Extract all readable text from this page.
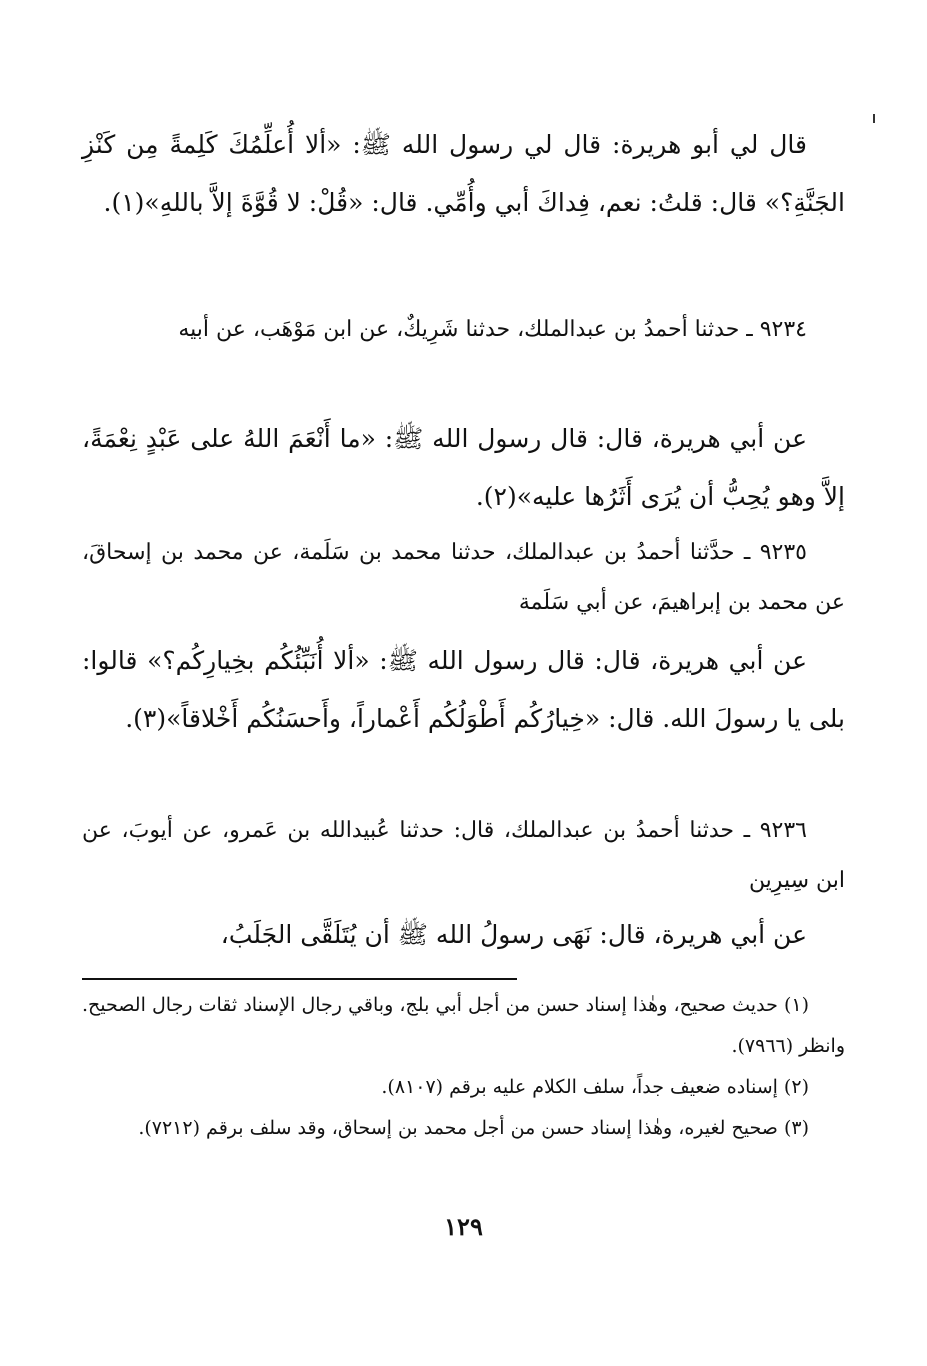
قال لي أبو هريرة: قال لي رسول الله ﷺ: «ألا أُعلِّمُكَ كَلِمةً مِن كَنْزِ الجَنَّةِ؟» قال: قلتُ: نعم، فِداكَ أبي وأُمِّي. قال: «قُلْ: لا قُوَّةَ إلاَّ باللهِ»(١).

٩٢٣٤ ـ حدثنا أحمدُ بن عبدالملك، حدثنا شَرِيكٌ، عن ابن مَوْهَب، عن أبيه

عن أبي هريرة، قال: قال رسول الله ﷺ: «ما أَنْعَمَ اللهُ على عَبْدٍ نِعْمَةً، إلاَّ وهو يُحِبُّ أن يُرَى أَثَرُها عليه»(٢).

٩٢٣٥ ـ حدَّثنا أحمدُ بن عبدالملك، حدثنا محمد بن سَلَمة، عن محمد بن إسحاقَ، عن محمد بن إبراهيمَ، عن أبي سَلَمة

عن أبي هريرة، قال: قال رسول الله ﷺ: «ألا أُنَبِّئُكُم بخِيارِكُم؟» قالوا: بلى يا رسولَ الله. قال: «خِيارُكُم أَطْوَلُكُم أَعْماراً، وأَحسَنُكُم أَخْلاقاً»(٣).

٩٢٣٦ ـ حدثنا أحمدُ بن عبدالملك، قال: حدثنا عُبيدالله بن عَمرو، عن أيوبَ، عن ابن سِيرِين

عن أبي هريرة، قال: نَهَى رسولُ الله ﷺ أن يُتَلَقَّى الجَلَبُ،

(١) حديث صحيح، وهٰذا إسناد حسن من أجل أبي بلج، وباقي رجال الإسناد ثقات رجال الصحيح. وانظر (٧٩٦٦).

(٢) إسناده ضعيف جداً، سلف الكلام عليه برقم (٨١٠٧).

(٣) صحيح لغيره، وهٰذا إسناد حسن من أجل محمد بن إسحاق، وقد سلف برقم (٧٢١٢).

١٢٩
